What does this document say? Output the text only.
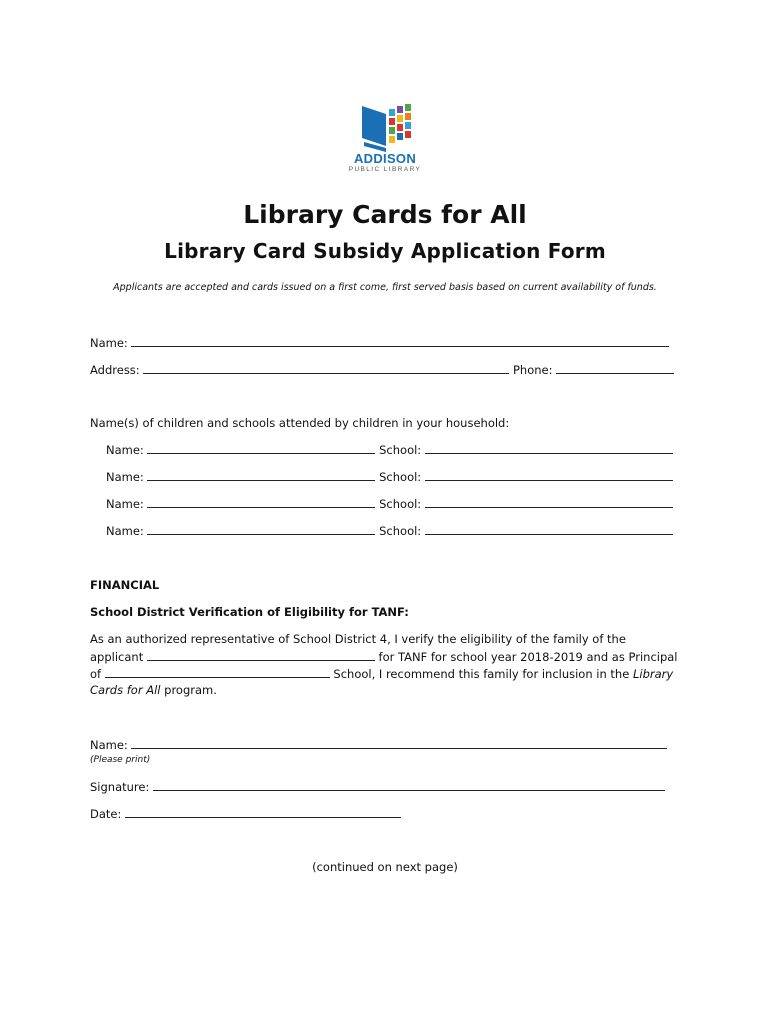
ADDISON
PUBLIC LIBRARY
Library Cards for All
Library Card Subsidy Application Form
Applicants are accepted and cards issued on a first come, first served basis based on current availability of funds.
Name:
Address:	Phone:
Name(s) of children and schools attended by children in your household:
Name:	School:
Name:	School:
Name:	School:
Name:	School:
FINANCIAL
School District Verification of Eligibility for TANF:
As an authorized representative of School District 4, I verify the eligibility of the family of the
applicant	for TANF for school year 2018-2019 and as Principal
of	School, I recommend this family for inclusion in the Library
Cards for All program.
Name:
(Please print)
Signature:
Date:
(continued on next page)
